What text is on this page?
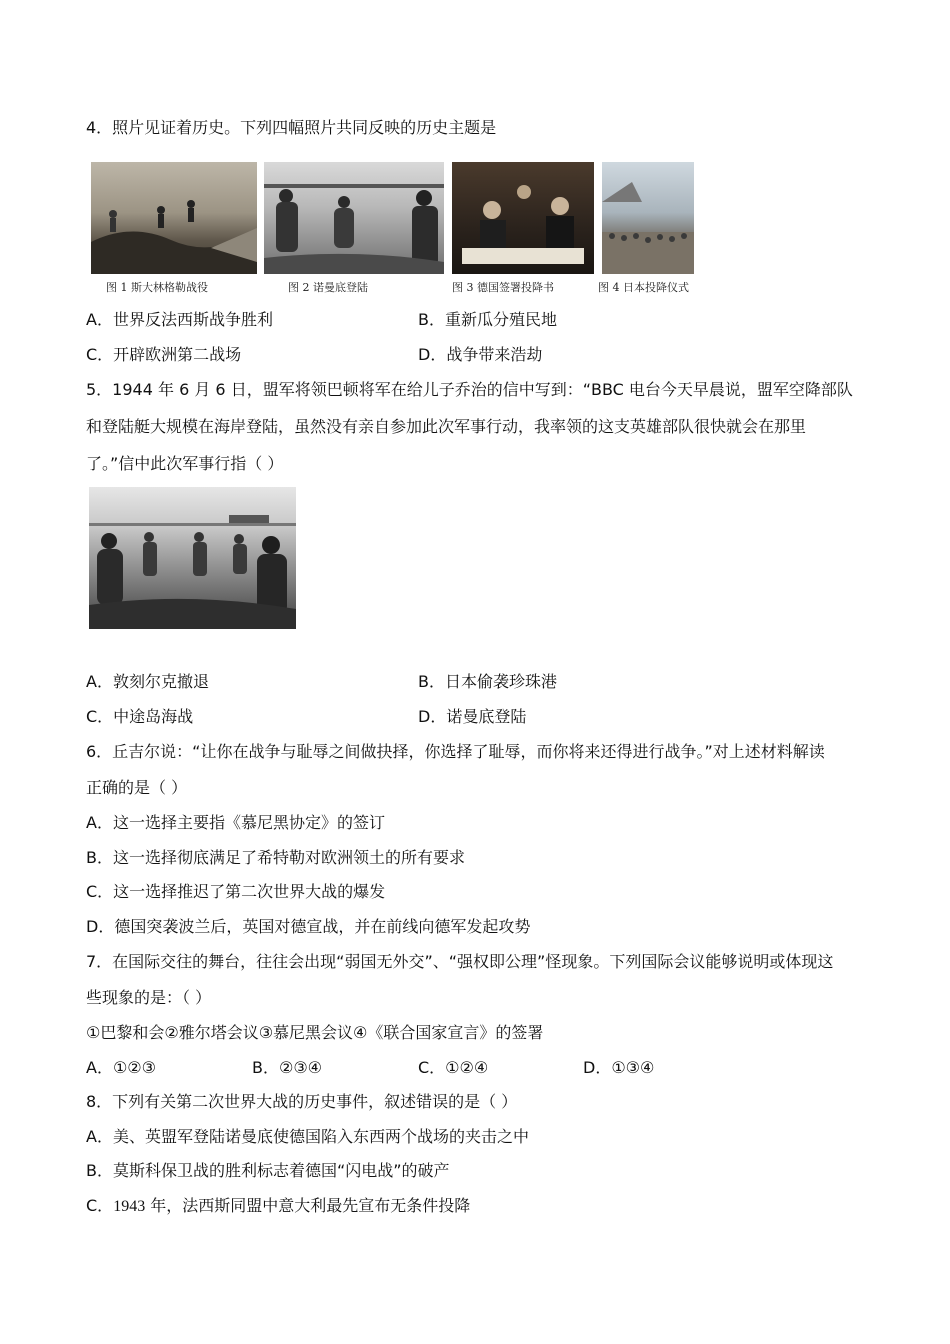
4．照片见证着历史。下列四幅照片共同反映的历史主题是
图 1 斯大林格勒战役	图 2 诺曼底登陆	图 3 德国签署投降书	图 4 日本投降仪式
A．世界反法西斯战争胜利	B．重新瓜分殖民地
C．开辟欧洲第二战场	D．战争带来浩劫
5．1944 年 6 月 6 日，盟军将领巴顿将军在给儿子乔治的信中写到：“BBC 电台今天早晨说，盟军空降部队
和登陆艇大规模在海岸登陆，虽然没有亲自参加此次军事行动，我率领的这支英雄部队很快就会在那里
了。”信中此次军事行指（ ）
A．敦刻尔克撤退	B．日本偷袭珍珠港
C．中途岛海战	D．诺曼底登陆
6．丘吉尔说：“让你在战争与耻辱之间做抉择，你选择了耻辱，而你将来还得进行战争。”对上述材料解读
正确的是（ ）
A．这一选择主要指《慕尼黑协定》的签订
B．这一选择彻底满足了希特勒对欧洲领土的所有要求
C．这一选择推迟了第二次世界大战的爆发
D．德国突袭波兰后，英国对德宣战，并在前线向德军发起攻势
7．在国际交往的舞台，往往会出现“弱国无外交”、“强权即公理”怪现象。下列国际会议能够说明或体现这
些现象的是：（ ）
①巴黎和会②雅尔塔会议③慕尼黑会议④《联合国家宣言》的签署
A．①②③	B．②③④	C．①②④	D．①③④
8．下列有关第二次世界大战的历史事件，叙述错误的是（ ）
A．美、英盟军登陆诺曼底使德国陷入东西两个战场的夹击之中
B．莫斯科保卫战的胜利标志着德国“闪电战”的破产
C．1943 年，法西斯同盟中意大利最先宣布无条件投降
